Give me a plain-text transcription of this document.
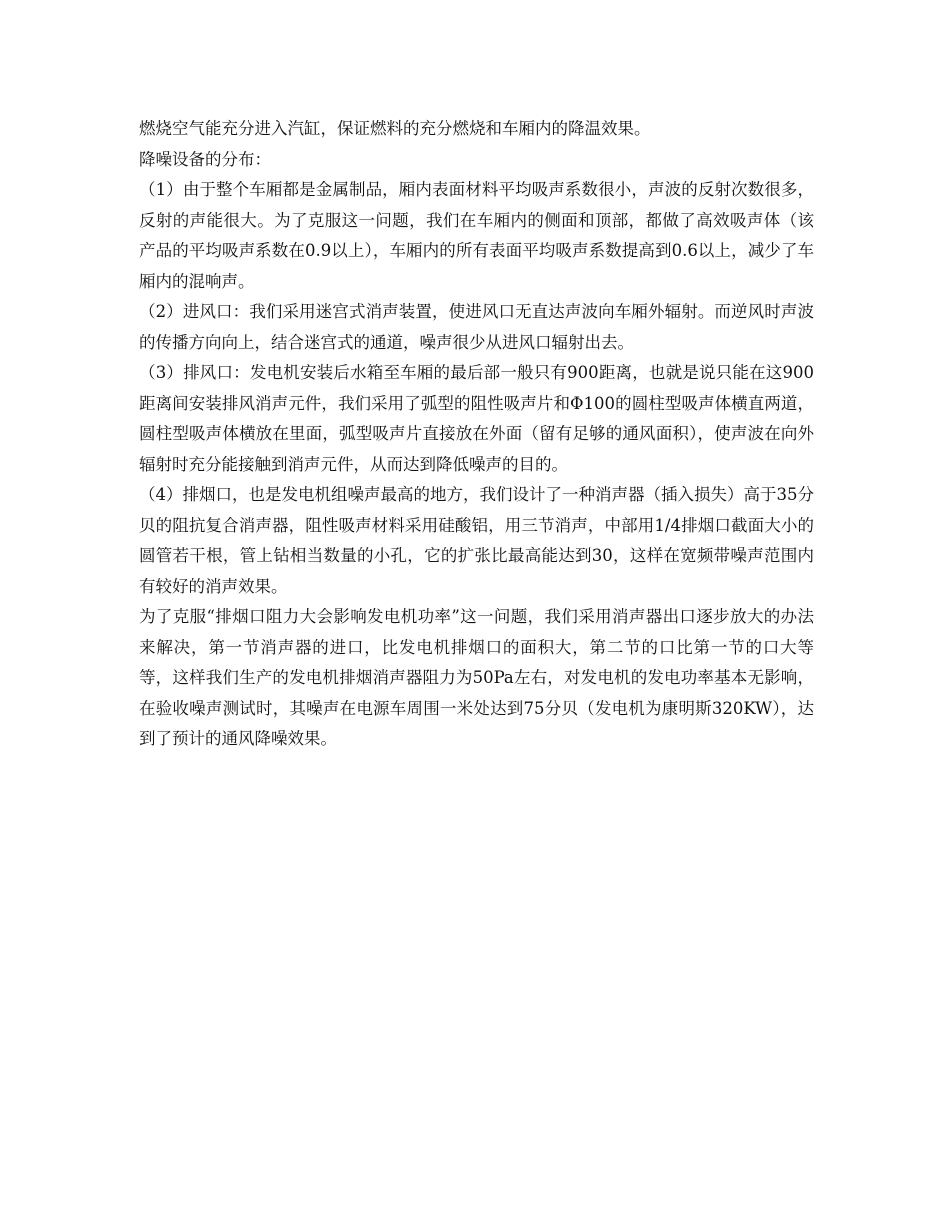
燃烧空气能充分进入汽缸，保证燃料的充分燃烧和车厢内的降温效果。

降噪设备的分布：

（1）由于整个车厢都是金属制品，厢内表面材料平均吸声系数很小，声波的反射次数很多，反射的声能很大。为了克服这一问题，我们在车厢内的侧面和顶部，都做了高效吸声体（该产品的平均吸声系数在0.9以上），车厢内的所有表面平均吸声系数提高到0.6以上，减少了车厢内的混响声。

（2）进风口：我们采用迷宫式消声装置，使进风口无直达声波向车厢外辐射。而逆风时声波的传播方向向上，结合迷宫式的通道，噪声很少从进风口辐射出去。

（3）排风口：发电机安装后水箱至车厢的最后部一般只有900距离，也就是说只能在这900距离间安装排风消声元件，我们采用了弧型的阻性吸声片和Φ100的圆柱型吸声体横直两道，圆柱型吸声体横放在里面，弧型吸声片直接放在外面（留有足够的通风面积），使声波在向外辐射时充分能接触到消声元件，从而达到降低噪声的目的。

（4）排烟口，也是发电机组噪声最高的地方，我们设计了一种消声器（插入损失）高于35分贝的阻抗复合消声器，阻性吸声材料采用硅酸铝，用三节消声，中部用1/4排烟口截面大小的圆管若干根，管上钻相当数量的小孔，它的扩张比最高能达到30，这样在宽频带噪声范围内有较好的消声效果。

为了克服“排烟口阻力大会影响发电机功率”这一问题，我们采用消声器出口逐步放大的办法来解决，第一节消声器的进口，比发电机排烟口的面积大，第二节的口比第一节的口大等等，这样我们生产的发电机排烟消声器阻力为50Pa左右，对发电机的发电功率基本无影响，在验收噪声测试时，其噪声在电源车周围一米处达到75分贝（发电机为康明斯320KW），达到了预计的通风降噪效果。
